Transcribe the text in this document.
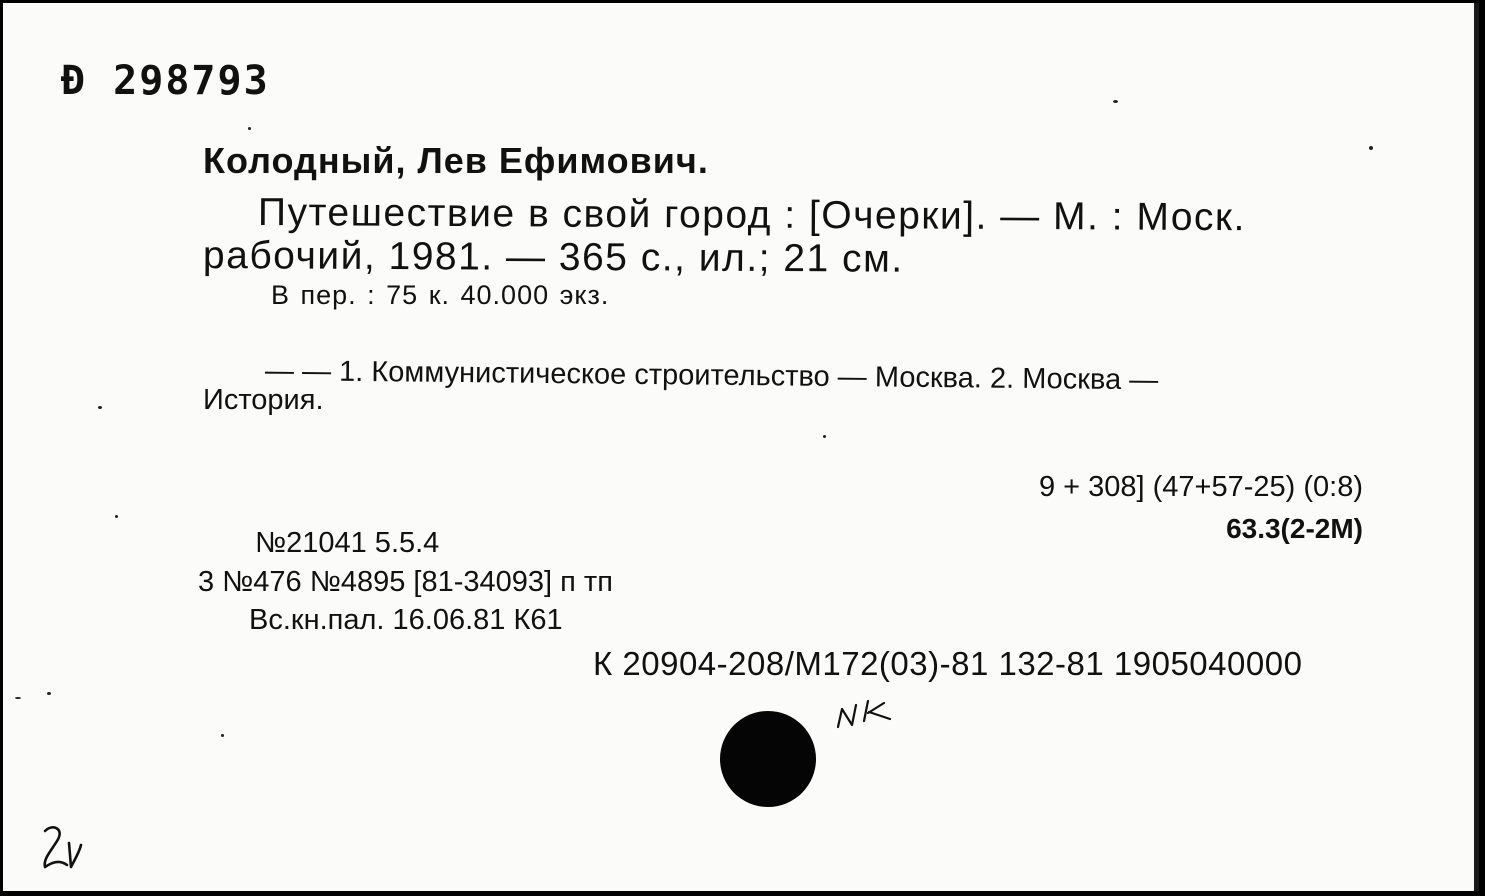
Ð 298793
Колодный, Лев Ефимович.
Путешествие в свой город : [Очерки]. — М. : Моск.
рабочий, 1981. — 365 с., ил.; 21 см.
В пер. : 75 к. 40.000 экз.
— — 1. Коммунистическое строительство — Москва. 2. Москва —
История.
9 + 308] (47+57-25) (0:8)
63.3(2-2М)
№21041 5.5.4
3 №476 №4895 [81-34093] п тп
Вс.кн.пал. 16.06.81 К61
К 20904-208/М172(03)-81 132-81 1905040000
